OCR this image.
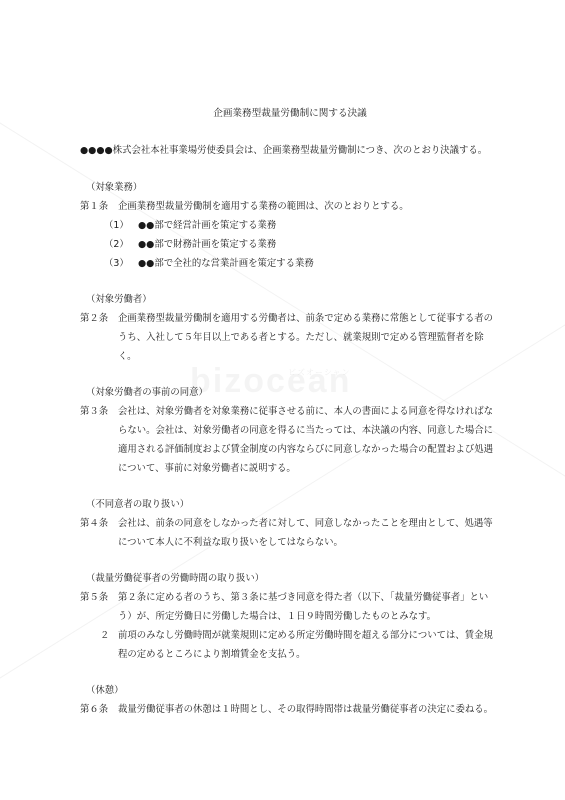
ビズオーシャン
企画業務型裁量労働制に関する決議
●●●●株式会社本社事業場労使委員会は、企画業務型裁量労働制につき、次のとおり決議する。
（対象業務）
第１条	企画業務型裁量労働制を適用する業務の範囲は、次のとおりとする。
（1） ●●部で経営計画を策定する業務
（2） ●●部で財務計画を策定する業務
（3） ●●部で全社的な営業計画を策定する業務
（対象労働者）
第２条	企画業務型裁量労働制を適用する労働者は、前条で定める業務に常態として従事する者のうち、入社して５年目以上である者とする。ただし、就業規則で定める管理監督者を除く。
（対象労働者の事前の同意）
第３条	会社は、対象労働者を対象業務に従事させる前に、本人の書面による同意を得なければならない。会社は、対象労働者の同意を得るに当たっては、本決議の内容、同意した場合に適用される評価制度および賃金制度の内容ならびに同意しなかった場合の配置および処遇について、事前に対象労働者に説明する。
（不同意者の取り扱い）
第４条	会社は、前条の同意をしなかった者に対して、同意しなかったことを理由として、処遇等について本人に不利益な取り扱いをしてはならない。
（裁量労働従事者の労働時間の取り扱い）
第５条	第２条に定める者のうち、第３条に基づき同意を得た者（以下、「裁量労働従事者」という）が、所定労働日に労働した場合は、１日９時間労働したものとみなす。
２ 前項のみなし労働時間が就業規則に定める所定労働時間を超える部分については、賃金規程の定めるところにより割増賃金を支払う。
（休憩）
第６条	裁量労働従事者の休憩は１時間とし、その取得時間帯は裁量労働従事者の決定に委ねる。
